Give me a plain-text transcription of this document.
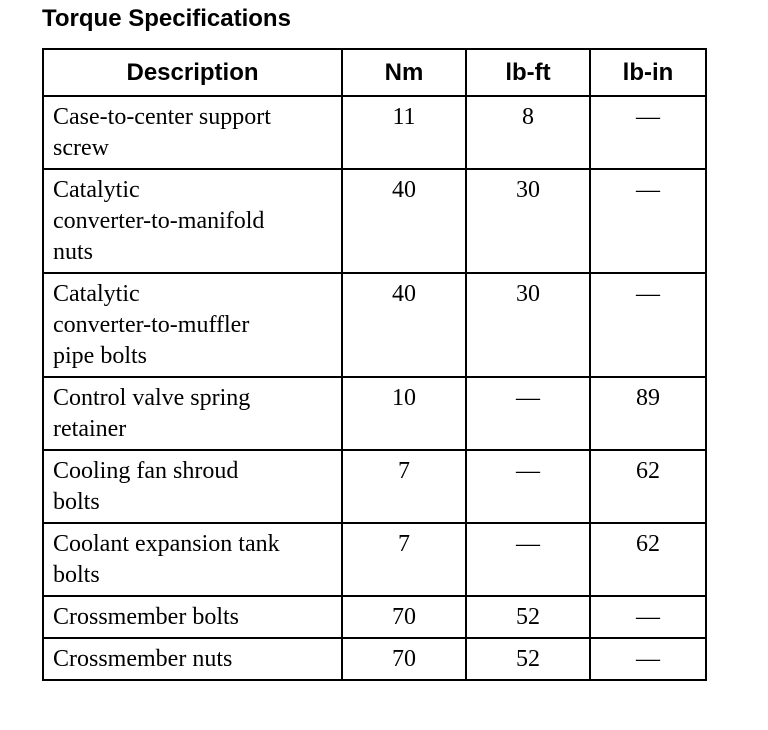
Torque Specifications
Description	Nm	lb-ft	lb-in

Case-to-center support
screw	11	8	—

Catalytic
converter-to-manifold
nuts	40	30	—

Catalytic
converter-to-muffler
pipe bolts	40	30	—

Control valve spring
retainer	10	—	89

Cooling fan shroud
bolts	7	—	62

Coolant expansion tank
bolts	7	—	62

Crossmember bolts	70	52	—

Crossmember nuts	70	52	—
